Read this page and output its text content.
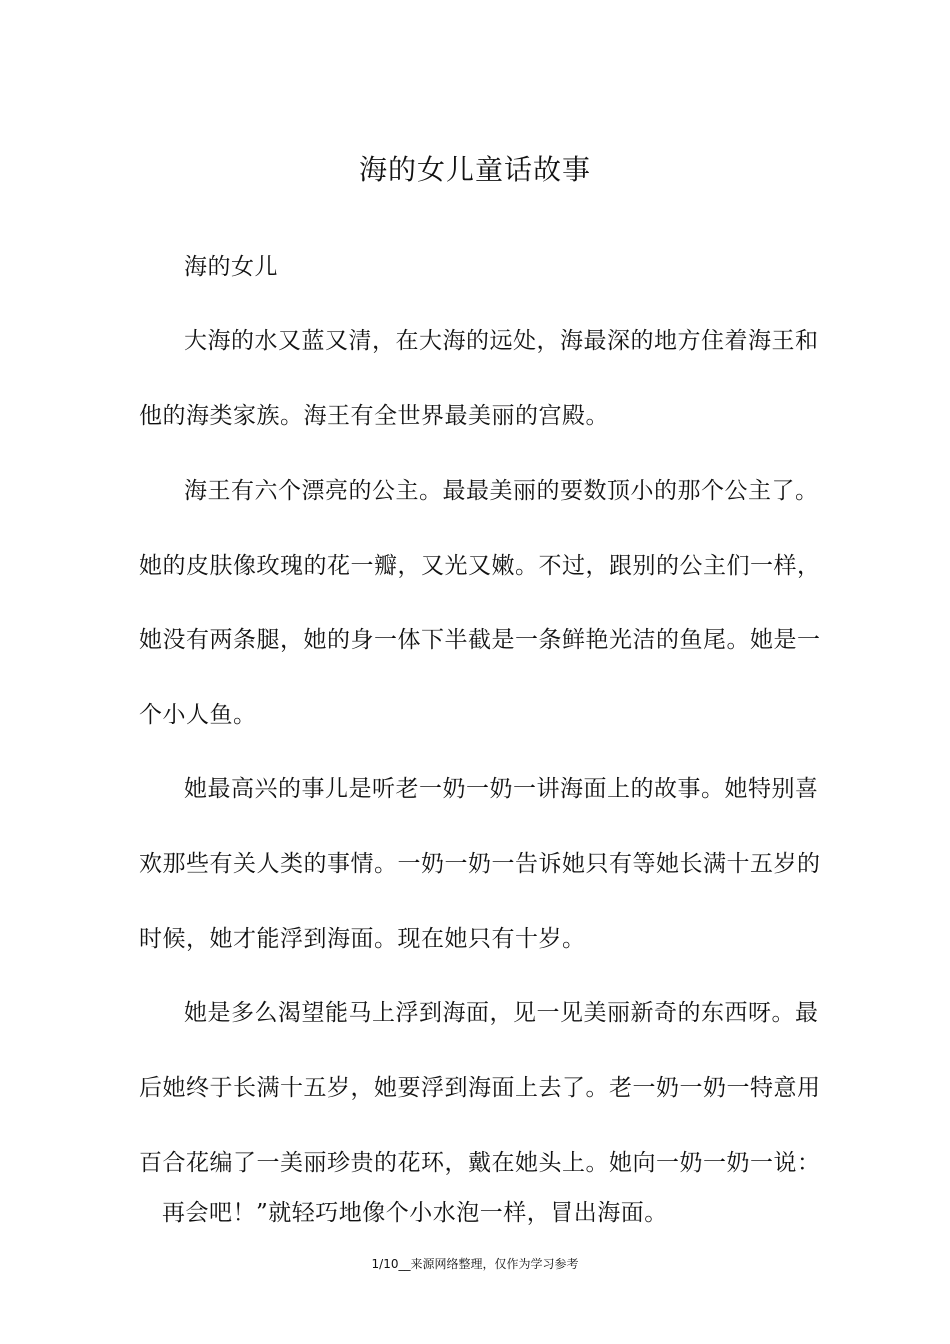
海的女儿童话故事
海的女儿
大海的水又蓝又清，在大海的远处，海最深的地方住着海王和
他的海类家族。海王有全世界最美丽的宫殿。
海王有六个漂亮的公主。最最美丽的要数顶小的那个公主了。
她的皮肤像玫瑰的花一瓣，又光又嫩。不过，跟别的公主们一样，
她没有两条腿，她的身一体下半截是一条鲜艳光洁的鱼尾。她是一
个小人鱼。
她最高兴的事儿是听老一奶一奶一讲海面上的故事。她特别喜
欢那些有关人类的事情。一奶一奶一告诉她只有等她长满十五岁的
时候，她才能浮到海面。现在她只有十岁。
她是多么渴望能马上浮到海面，见一见美丽新奇的东西呀。最
后她终于长满十五岁，她要浮到海面上去了。老一奶一奶一特意用
百合花编了一美丽珍贵的花环，戴在她头上。她向一奶一奶一说：
再会吧！”就轻巧地像个小水泡一样，冒出海面。
1/10__来源网络整理，仅作为学习参考
